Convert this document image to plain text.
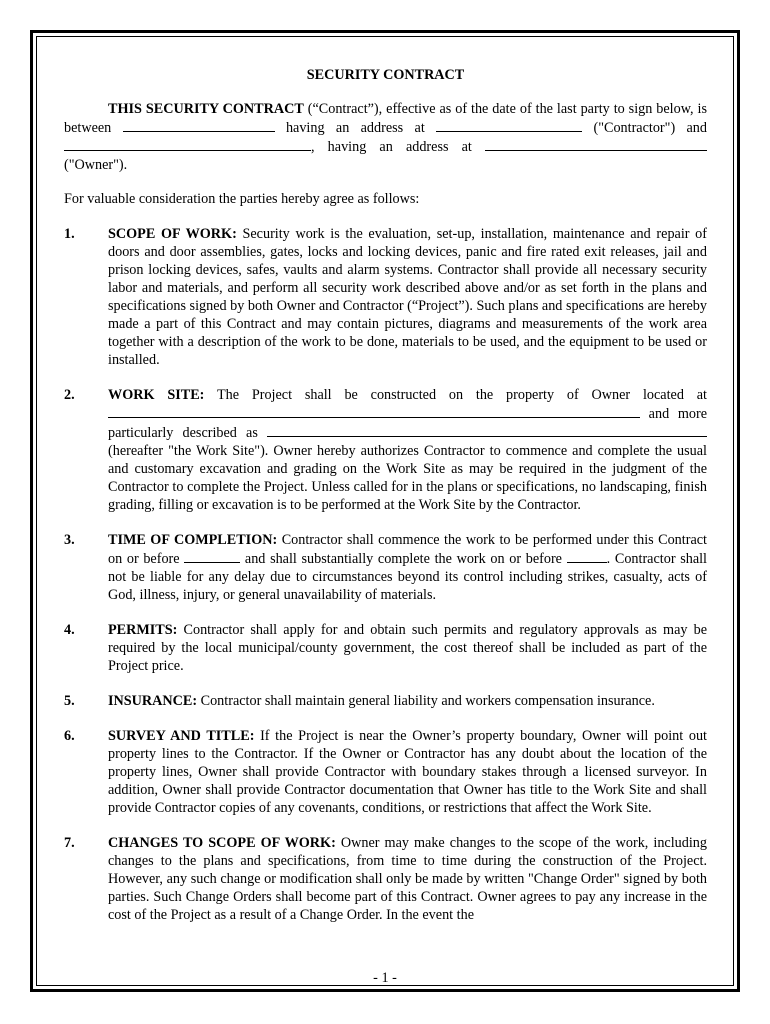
SECURITY CONTRACT

THIS SECURITY CONTRACT (“Contract”), effective as of the date of the last party to sign below, is between	having an address at	("Contractor") and , having an address at  ("Owner").

For valuable consideration the parties hereby agree as follows:

1.	SCOPE OF WORK: Security work is the evaluation, set-up, installation, maintenance and repair of doors and door assemblies, gates, locks and locking devices, panic and fire rated exit releases, jail and prison locking devices, safes, vaults and alarm systems. Contractor shall provide all necessary security labor and materials, and perform all security work described above and/or as set forth in the plans and specifications signed by both Owner and Contractor (“Project”). Such plans and specifications are hereby made a part of this Contract and may contain pictures, diagrams and measurements of the work area together with a description of the work to be done, materials to be used, and the equipment to be used or installed.
2.	WORK SITE: The Project shall be constructed on the property of Owner located at and more particularly described as  (hereafter "the Work Site"). Owner hereby authorizes Contractor to commence and complete the usual and customary excavation and grading on the Work Site as may be required in the judgment of the Contractor to complete the Project. Unless called for in the plans or specifications, no landscaping, finish grading, filling or excavation is to be performed at the Work Site by the Contractor.
3.	TIME OF COMPLETION: Contractor shall commence the work to be performed under this Contract on or before	and shall substantially complete the work on or before	. Contractor shall not be liable for any delay due to circumstances beyond its control including strikes, casualty, acts of God, illness, injury, or general unavailability of materials.
4.	PERMITS: Contractor shall apply for and obtain such permits and regulatory approvals as may be required by the local municipal/county government, the cost thereof shall be included as part of the Project price.
5.	INSURANCE: Contractor shall maintain general liability and workers compensation insurance.
6.	SURVEY AND TITLE: If the Project is near the Owner’s property boundary, Owner will point out property lines to the Contractor. If the Owner or Contractor has any doubt about the location of the property lines, Owner shall provide Contractor with boundary stakes through a licensed surveyor. In addition, Owner shall provide Contractor documentation that Owner has title to the Work Site and shall provide Contractor copies of any covenants, conditions, or restrictions that affect the Work Site.
7.	CHANGES TO SCOPE OF WORK: Owner may make changes to the scope of the work, including changes to the plans and specifications, from time to time during the construction of the Project. However, any such change or modification shall only be made by written "Change Order" signed by both parties. Such Change Orders shall become part of this Contract. Owner agrees to pay any increase in the cost of the Project as a result of a Change Order. In the event the
- 1 -
